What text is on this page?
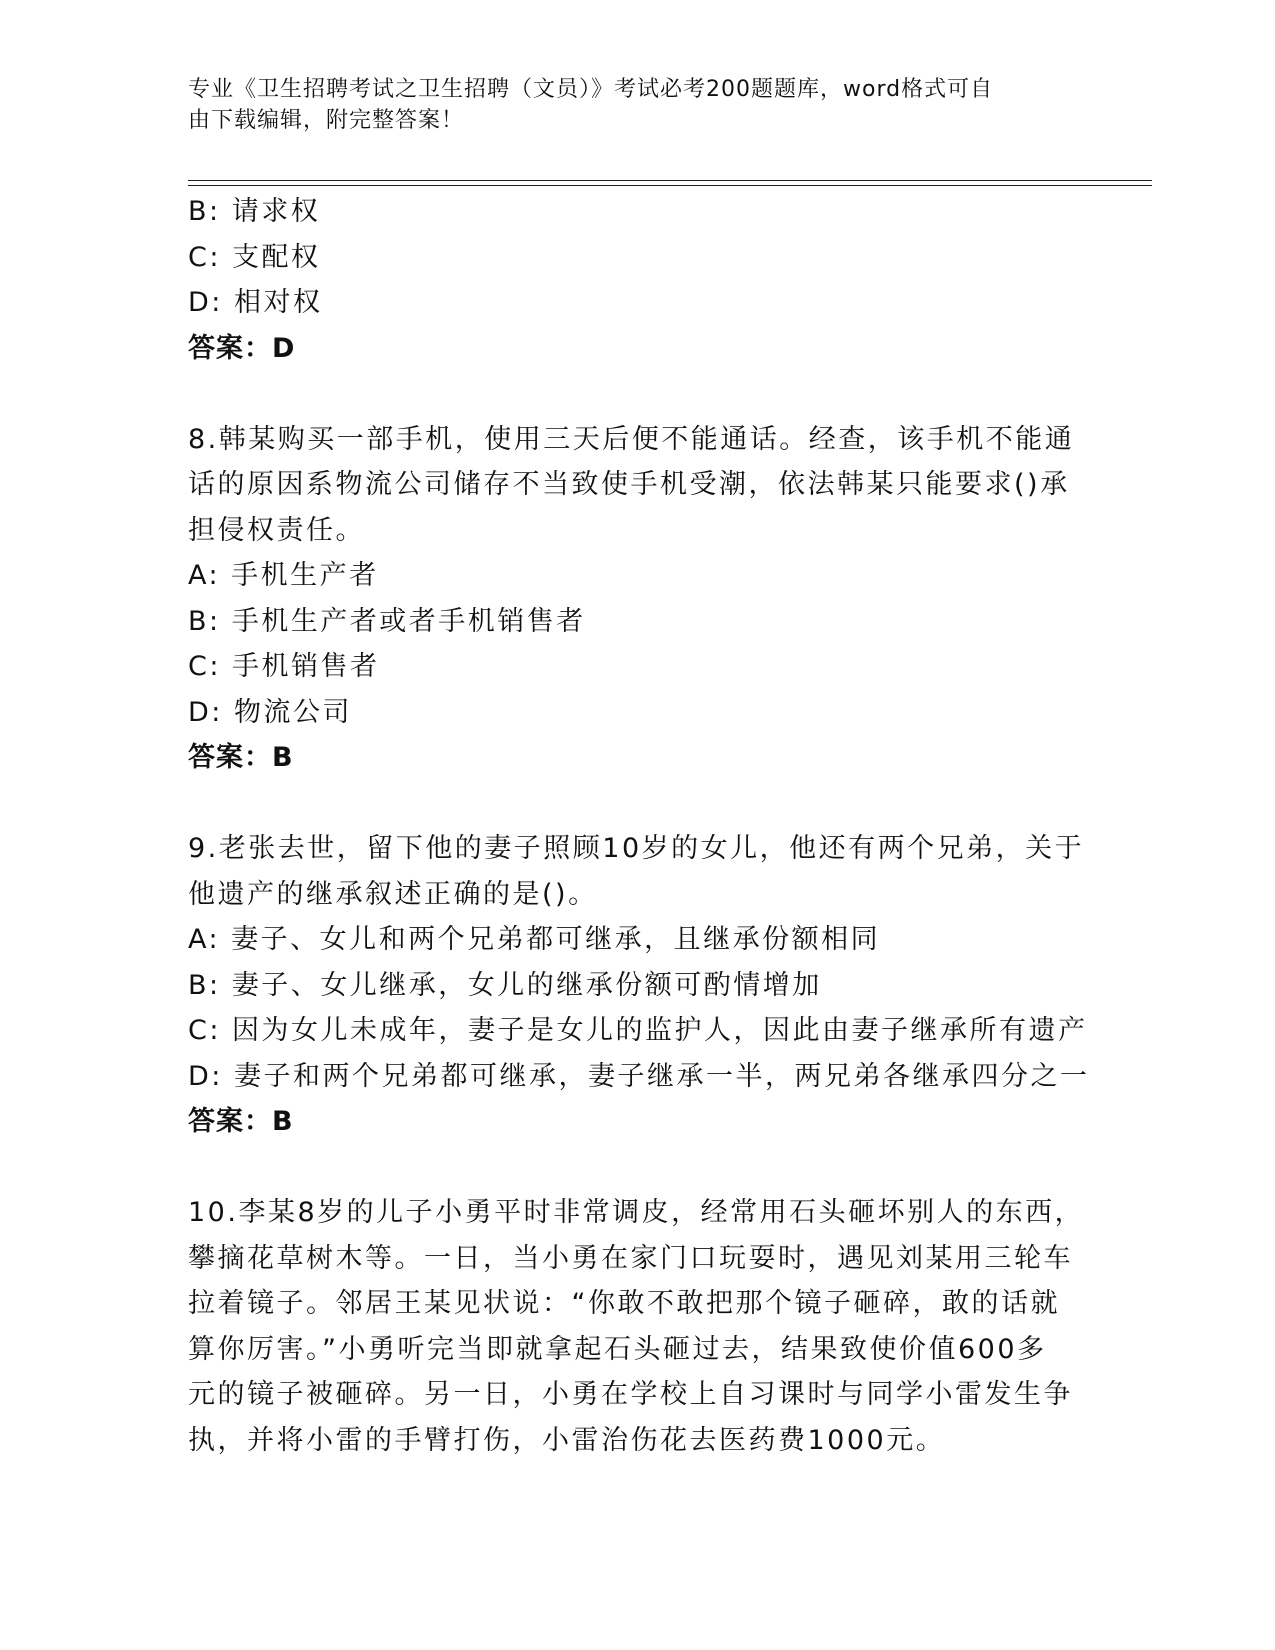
专业《卫生招聘考试之卫生招聘（文员）》考试必考200题题库，word格式可自
由下载编辑，附完整答案！
B: 请求权
C: 支配权
D: 相对权
答案：D
8.韩某购买一部手机，使用三天后便不能通话。经查，该手机不能通
话的原因系物流公司储存不当致使手机受潮，依法韩某只能要求()承
担侵权责任。
A: 手机生产者
B: 手机生产者或者手机销售者
C: 手机销售者
D: 物流公司
答案：B
9.老张去世，留下他的妻子照顾10岁的女儿，他还有两个兄弟，关于
他遗产的继承叙述正确的是()。
A: 妻子、女儿和两个兄弟都可继承，且继承份额相同
B: 妻子、女儿继承，女儿的继承份额可酌情增加
C: 因为女儿未成年，妻子是女儿的监护人，因此由妻子继承所有遗产
D: 妻子和两个兄弟都可继承，妻子继承一半，两兄弟各继承四分之一
答案：B
10.李某8岁的儿子小勇平时非常调皮，经常用石头砸坏别人的东西，
攀摘花草树木等。一日，当小勇在家门口玩耍时，遇见刘某用三轮车
拉着镜子。邻居王某见状说：“你敢不敢把那个镜子砸碎，敢的话就
算你厉害。”小勇听完当即就拿起石头砸过去，结果致使价值600多
元的镜子被砸碎。另一日，小勇在学校上自习课时与同学小雷发生争
执，并将小雷的手臂打伤，小雷治伤花去医药费1000元。
